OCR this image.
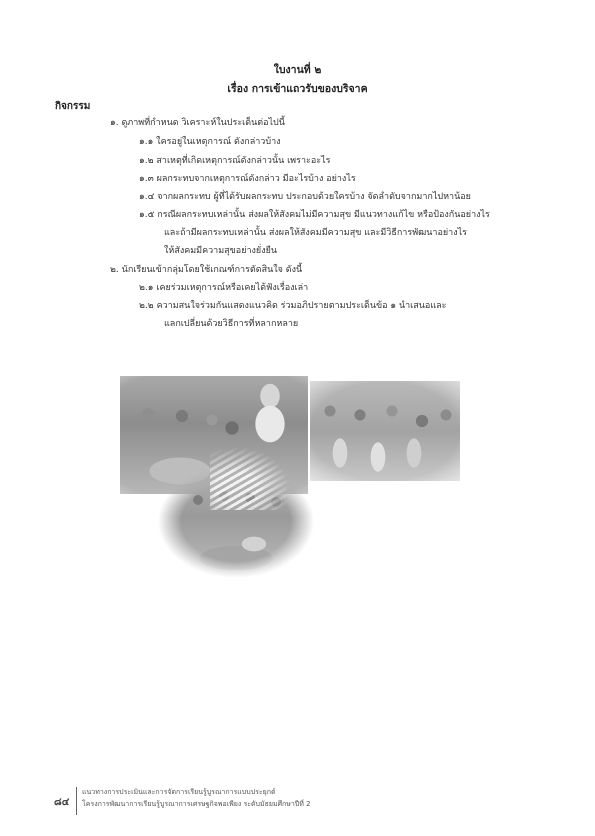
ใบงานที่ ๒
เรื่อง การเข้าแถวรับของบริจาค
กิจกรรม
๑. ดูภาพที่กำหนด วิเคราะห์ในประเด็นต่อไปนี้
๑.๑ ใครอยู่ในเหตุการณ์ ดังกล่าวบ้าง
๑.๒ สาเหตุที่เกิดเหตุการณ์ดังกล่าวนั้น เพราะอะไร
๑.๓ ผลกระทบจากเหตุการณ์ดังกล่าว มีอะไรบ้าง อย่างไร
๑.๔ จากผลกระทบ ผู้ที่ได้รับผลกระทบ ประกอบด้วยใครบ้าง จัดลำดับจากมากไปหาน้อย
๑.๕ กรณีผลกระทบเหล่านั้น ส่งผลให้สังคมไม่มีความสุข มีแนวทางแก้ไข หรือป้องกันอย่างไร
และถ้ามีผลกระทบเหล่านั้น ส่งผลให้สังคมมีความสุข และมีวิธีการพัฒนาอย่างไร
ให้สังคมมีความสุขอย่างยั่งยืน
๒. นักเรียนเข้ากลุ่มโดยใช้เกณฑ์การตัดสินใจ ดังนี้
๒.๑ เคยร่วมเหตุการณ์หรือเคยได้ฟังเรื่องเล่า
๒.๒ ความสนใจร่วมกันแสดงแนวคิด ร่วมอภิปรายตามประเด็นข้อ ๑ นำเสนอและ
แลกเปลี่ยนด้วยวิธีการที่หลากหลาย
๘๔
แนวทางการประเมินและการจัดการเรียนรู้บูรณาการแบบประยุกต์
โครงการพัฒนาการเรียนรู้บูรณาการเศรษฐกิจพอเพียง ระดับมัธยมศึกษาปีที่ 2
